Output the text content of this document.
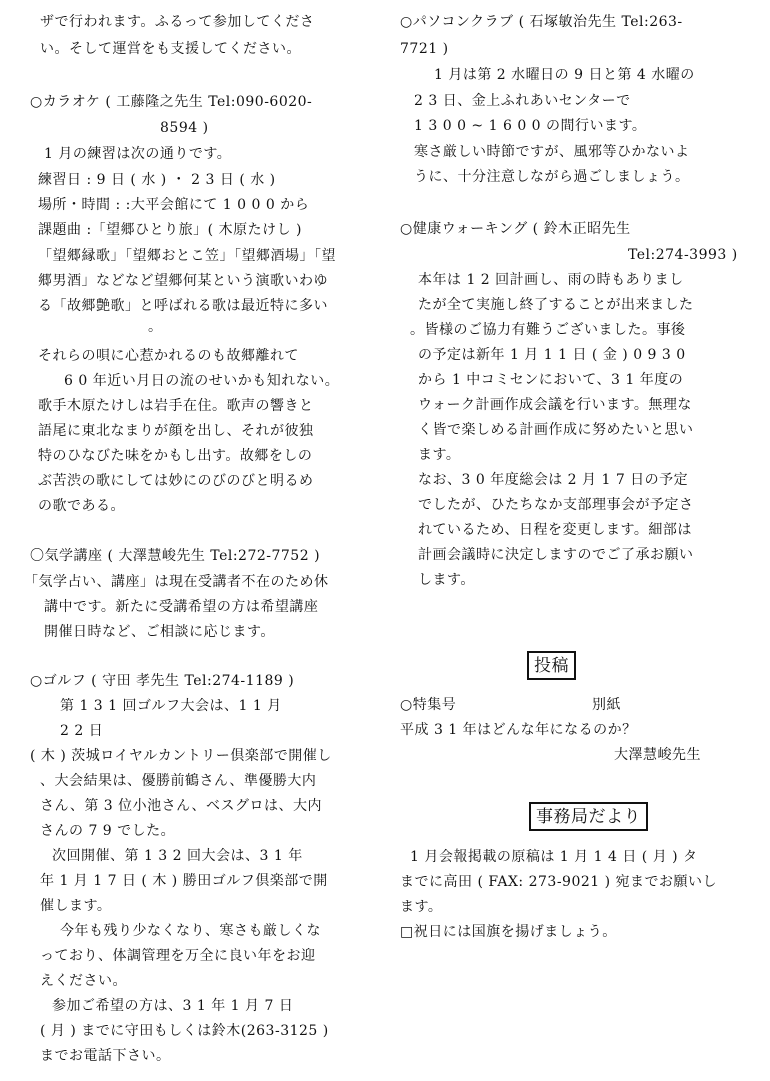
ザで行われます。ふるって参加してくださ
い。そして運営をも支援してください。
○カラオケ ( 工藤隆之先生 Tel:090-6020-
8594 )
1 月の練習は次の通りです。
練習日 : 9 日 ( 水 ) ・ 2 3 日 ( 水 )
場所・時間 : :大平会館にて 1 0 0 0 から
課題曲 :「望郷ひとり旅」( 木原たけし )
「望郷縁歌」「望郷おとこ笠」「望郷酒場」「望
郷男酒」などなど望郷何某という演歌いわゆ
る「故郷艶歌」と呼ばれる歌は最近特に多い
。
それらの唄に心惹かれるのも故郷離れて
6 0 年近い月日の流のせいかも知れない。
歌手木原たけしは岩手在住。歌声の響きと
語尾に東北なまりが顔を出し、それが彼独
特のひなびた味をかもし出す。故郷をしの
ぶ苦渋の歌にしては妙にのびのびと明るめ
の歌である。
〇気学講座 ( 大澤慧峻先生 Tel:272-7752 )
「気学占い、講座」は現在受講者不在のため休
講中です。新たに受講希望の方は希望講座
開催日時など、ご相談に応じます。
○ゴルフ ( 守田 孝先生 Tel:274-1189 )
第 1 3 1 回ゴルフ大会は、1 1 月
2 2 日
( 木 ) 茨城ロイヤルカントリー倶楽部で開催し
、大会結果は、優勝前鶴さん、準優勝大内
さん、第 3 位小池さん、ベスグロは、大内
さんの 7 9 でした。
次回開催、第 1 3 2 回大会は、3 1 年
年 1 月 1 7 日 ( 木 ) 勝田ゴルフ倶楽部で開
催します。
今年も残り少なくなり、寒さも厳しくな
っており、体調管理を万全に良い年をお迎
えください。
参加ご希望の方は、3 1 年 1 月 7 日
( 月 ) までに守田もしくは鈴木(263-3125 )
までお電話下さい。
○パソコンクラブ ( 石塚敏治先生 Tel:263-
7721 )
1 月は第 2 水曜日の 9 日と第 4 水曜の
2 3 日、金上ふれあいセンターで
1 3 0 0 ~ 1 6 0 0 の間行います。
寒さ厳しい時節ですが、風邪等ひかないよ
うに、十分注意しながら過ごしましょう。
○健康ウォーキング ( 鈴木正昭先生
Tel:274-3993 )
本年は 1 2 回計画し、雨の時もありまし
たが全て実施し終了することが出来ました
。皆様のご協力有難うございました。事後
の予定は新年 1 月 1 1 日 ( 金 ) 0 9 3 0
から 1 中コミセンにおいて、3 1 年度の
ウォーク計画作成会議を行います。無理な
く皆で楽しめる計画作成に努めたいと思い
ます。
なお、3 0 年度総会は 2 月 1 7 日の予定
でしたが、ひたちなか支部理事会が予定さ
れているため、日程を変更します。細部は
計画会議時に決定しますのでご了承お願い
します。
投稿
○特集号	別紙
平成 3 1 年はどんな年になるのか？
大澤慧峻先生
事務局だより
1 月会報掲載の原稿は 1 月 1 4 日 ( 月 ) タ
までに高田 ( FAX: 273-9021 ) 宛までお願いし
ます。
□祝日には国旗を揚げましょう。
